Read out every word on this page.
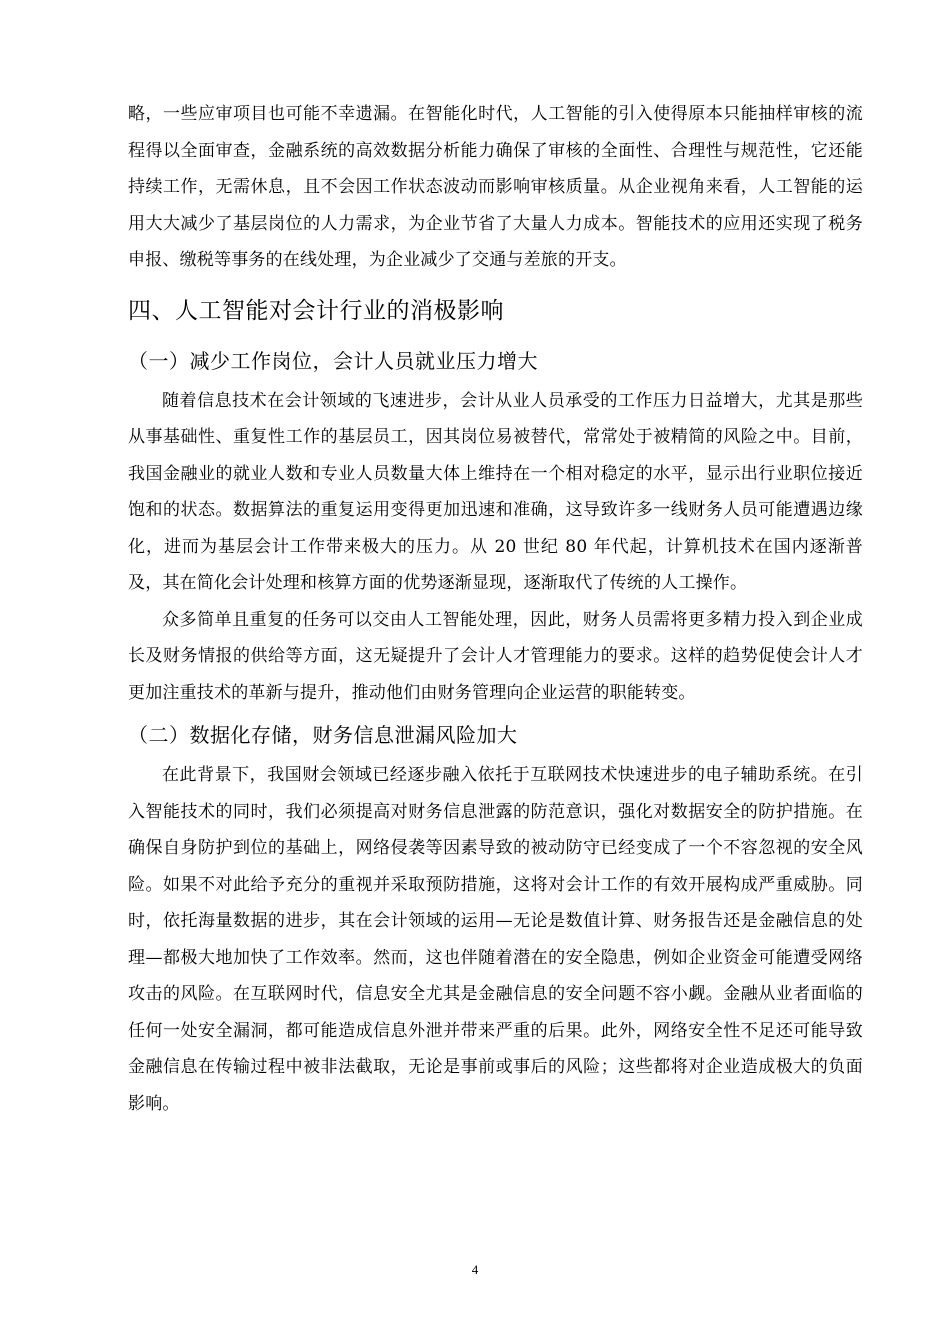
略，一些应审项目也可能不幸遗漏。在智能化时代，人工智能的引入使得原本只能抽样审核的流程得以全面审查，金融系统的高效数据分析能力确保了审核的全面性、合理性与规范性，它还能持续工作，无需休息，且不会因工作状态波动而影响审核质量。从企业视角来看，人工智能的运用大大减少了基层岗位的人力需求，为企业节省了大量人力成本。智能技术的应用还实现了税务申报、缴税等事务的在线处理，为企业减少了交通与差旅的开支。

四、人工智能对会计行业的消极影响
（一）减少工作岗位，会计人员就业压力增大

随着信息技术在会计领域的飞速进步，会计从业人员承受的工作压力日益增大，尤其是那些从事基础性、重复性工作的基层员工，因其岗位易被替代，常常处于被精简的风险之中。目前，我国金融业的就业人数和专业人员数量大体上维持在一个相对稳定的水平，显示出行业职位接近饱和的状态。数据算法的重复运用变得更加迅速和准确，这导致许多一线财务人员可能遭遇边缘化，进而为基层会计工作带来极大的压力。从 20 世纪 80 年代起，计算机技术在国内逐渐普及，其在简化会计处理和核算方面的优势逐渐显现，逐渐取代了传统的人工操作。

众多简单且重复的任务可以交由人工智能处理，因此，财务人员需将更多精力投入到企业成长及财务情报的供给等方面，这无疑提升了会计人才管理能力的要求。这样的趋势促使会计人才更加注重技术的革新与提升，推动他们由财务管理向企业运营的职能转变。

（二）数据化存储，财务信息泄漏风险加大

在此背景下，我国财会领域已经逐步融入依托于互联网技术快速进步的电子辅助系统。在引入智能技术的同时，我们必须提高对财务信息泄露的防范意识，强化对数据安全的防护措施。在确保自身防护到位的基础上，网络侵袭等因素导致的被动防守已经变成了一个不容忽视的安全风险。如果不对此给予充分的重视并采取预防措施，这将对会计工作的有效开展构成严重威胁。同时，依托海量数据的进步，其在会计领域的运用—无论是数值计算、财务报告还是金融信息的处理—都极大地加快了工作效率。然而，这也伴随着潜在的安全隐患，例如企业资金可能遭受网络攻击的风险。在互联网时代，信息安全尤其是金融信息的安全问题不容小觑。金融从业者面临的任何一处安全漏洞，都可能造成信息外泄并带来严重的后果。此外，网络安全性不足还可能导致金融信息在传输过程中被非法截取，无论是事前或事后的风险；这些都将对企业造成极大的负面影响。

4
